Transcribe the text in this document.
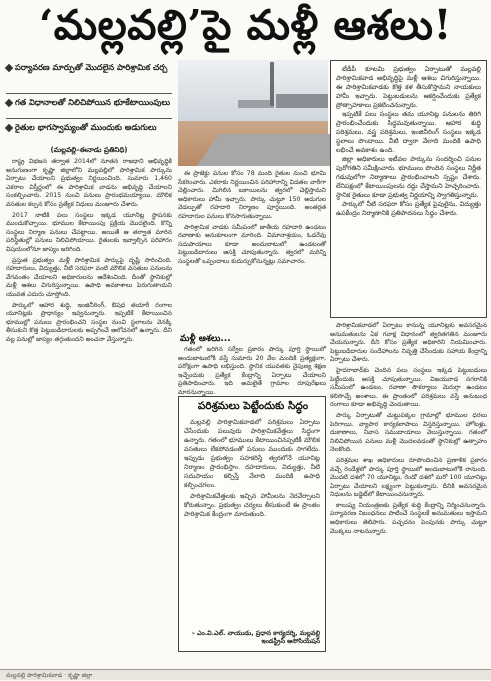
‘మల్లవల్లి’పై మళ్లీ ఆశలు!
పర్యావరణ మార్పుతో మొదలైన పారిశ్రామిక చర్చ
గత విధానాలతో నిలిచిపోయిన భూకేటాయింపులు
రైతుల భాగస్వామ్యంతో ముందుకు అడుగులు
(మల్లవల్లి–ఈనాడు ప్రతినిధి)

రాష్ట్ర విభజన తర్వాత 2014లో నూతన రాజధాని అభివృద్ధికి అనుగుణంగా కృష్ణా జిల్లాలోని మల్లవల్లిలో పారిశ్రామిక పార్కును ఏర్పాటు చేయాలని ప్రభుత్వం నిర్ణయించింది. సుమారు 1,460 ఎకరాల విస్తీర్ణంలో ఈ పారిశ్రామిక వాడను అభివృద్ధి చేయాలని సంకల్పించారు. 2015 నుంచి పనులు ప్రారంభమయ్యాయి. మౌలిక వసతుల కల్పన కోసం ప్రత్యేక నిధులు మంజూరు చేశారు.

2017 నాటికి పలు సంస్థలు ఇక్కడ యూనిట్ల స్థాపనకు ముందుకొచ్చాయి. భూముల కేటాయింపు ప్రక్రియ మొదలైంది. కొన్ని సంస్థలు నిర్మాణ పనులు చేపట్టాయి. అయితే ఆ తర్వాత మారిన పరిస్థితుల్లో పనులు నిలిచిపోయాయి. రైతులకు ఇవ్వాల్సిన పరిహారం విషయంలోనూ జాప్యం జరిగింది.

ప్రస్తుత ప్రభుత్వం మళ్లీ పారిశ్రామిక పార్కుపై దృష్టి సారించింది. రహదారులు, విద్యుత్తు, నీటి సరఫరా వంటి మౌలిక వసతుల పనులను వేగవంతం చేయాలని అధికారులను ఆదేశించింది. దీంతో స్థానికుల్లో మళ్లీ ఆశలు చిగురిస్తున్నాయి. ఉపాధి అవకాశాలు పెరుగుతాయని యువత ఎదురు చూస్తోంది.

పార్కులో ఆహార శుద్ధి, ఇంజినీరింగ్, ఔషధ తయారీ రంగాల యూనిట్లకు ప్రాధాన్యం ఇవ్వనున్నారు. ఇప్పటికే కేటాయించిన భూముల్లో పనులు ప్రారంభించని సంస్థల నుంచి స్థలాలను వెనక్కి తీసుకుని కొత్త పెట్టుబడిదారులకు అప్పగించే ఆలోచనలో ఉన్నారు. దీని వల్ల పనుల్లో జాప్యం తగ్గుతుందని అంచనా వేస్తున్నారు.

ఈ ప్రాజెక్టు పనుల కోసం 78 మంది రైతుల నుంచి భూమి సేకరించారు. ఎకరాకు నిర్ణయించిన పరిహారాన్ని విడతల వారీగా చెల్లించారు. మిగిలిన బకాయిలను త్వరలో చెల్లిస్తామని అధికారులు హామీ ఇచ్చారు. పార్కు చుట్టూ 150 అడుగుల వెడల్పుతో రహదారి నిర్మాణం పూర్తయింది. అంతర్గత రహదారుల పనులు కొనసాగుతున్నాయి.

పారిశ్రామిక వాడకు సమీపంలో జాతీయ రహదారి ఉండటం రవాణాకు అనుకూలంగా మారింది. విమానాశ్రయం, ఓడరేవు సదుపాయాలు కూడా అందుబాటులో ఉండటంతో పెట్టుబడిదారులు ఆసక్తి చూపుతున్నారు. త్వరలో మరిన్ని సంస్థలతో ఒప్పందాలు కుదుర్చుకోనున్నట్లు సమాచారం.

మళ్లీ ఆశలు...

గతంలో జరిగిన సర్వేల ప్రకారం పార్కు పూర్తి స్థాయిలో అందుబాటులోకి వస్తే సుమారు 20 వేల మందికి ప్రత్యక్షంగా, పరోక్షంగా ఉపాధి లభిస్తుంది. స్థానిక యువతకు నైపుణ్య శిక్షణ ఇచ్చేందుకు ప్రత్యేక కేంద్రాన్ని ఏర్పాటు చేయాలని ప్రతిపాదించారు. ఇది అమలైతే గ్రామాల రూపురేఖలు మారనున్నాయి.

టీడీపీ కూటమి ప్రభుత్వం ఏర్పాటుతో మల్లవల్లి పారిశ్రామికవాడ అభివృద్ధిపై మళ్లీ ఆశలు చిగురిస్తున్నాయి. ఈ పారిశ్రామికవాడకు కొత్త కళ తీసుకొస్తామని నాయకులు హామీ ఇచ్చారు. పెట్టుబడులను ఆకర్షించేందుకు ప్రత్యేక ప్రోత్సాహకాలు ప్రకటించనున్నారు.

ఇప్పటికే పలు సంస్థలు తమ యూనిట్ల పనులను తిరిగి ప్రారంభించేందుకు సిద్ధమవుతున్నాయి. ఆహార శుద్ధి పరిశ్రమలు, వస్త్ర పరిశ్రమలు, ఇంజినీరింగ్ సంస్థలు ఇక్కడ స్థలాలు పొందాయి. వీటి ద్వారా వేలాది మందికి ఉపాధి లభించే అవకాశం ఉంది.

జిల్లా అధికారులు ఇటీవల పార్కును సందర్శించి పనుల పురోగతిని సమీక్షించారు. భూములు పొందిన సంస్థలు నిర్ణీత గడువులోగా నిర్మాణాలు ప్రారంభించాలని స్పష్టం చేశారు. లేనిపక్షంలో కేటాయింపులను రద్దు చేస్తామని హెచ్చరించారు. స్థానిక రైతులు కూడా ప్రభుత్వ నిర్ణయాన్ని స్వాగతిస్తున్నారు.

పార్కులో నీటి సరఫరా కోసం ప్రత్యేక పైపులైను, విద్యుత్తు ఉపకేంద్రం నిర్మాణానికి ప్రతిపాదనలు సిద్ధం చేశారు.

పారిశ్రామికవాడలో ఏర్పాటు కానున్న యూనిట్లకు అవసరమైన అనుమతులను ఏక గవాక్ష విధానంలో త్వరితగతిన మంజూరు చేయనున్నారు. దీని కోసం ప్రత్యేక అధికారిని నియమించారు. పెట్టుబడిదారుల సందేహాలను నివృత్తి చేసేందుకు సహాయ కేంద్రాన్ని ఏర్పాటు చేశారు.

హైదరాబాద్‌కు చెందిన పలు సంస్థలు ఇక్కడ పెట్టుబడులు పెట్టేందుకు ఆసక్తి చూపుతున్నాయి. విజయవాడ నగరానికి సమీపంలో ఉండటం, రవాణా సౌకర్యాలు మెరుగ్గా ఉండటం కలిసొచ్చే అంశాలు. ఈ ప్రాంతంలో పరిశ్రమలు వస్తే అనుబంధ రంగాలు కూడా అభివృద్ధి చెందుతాయి.

పార్కు ఏర్పాటుతో చుట్టుపక్కల గ్రామాల్లో భూముల ధరలు పెరిగాయి. వ్యాపార కార్యకలాపాలు విస్తరిస్తున్నాయి. హోటళ్లు, దుకాణాలు, నివాస సముదాయాలు వెలుస్తున్నాయి. గతంలో నిలిచిపోయిన పనులు మళ్లీ మొదలవడంతో స్థానికుల్లో ఉత్సాహం నెలకొంది.

పరిశ్రమల శాఖ అధికారులు రూపొందించిన ప్రణాళిక ప్రకారం వచ్చే రెండేళ్లలో పార్కు పూర్తి స్థాయిలో అందుబాటులోకి రానుంది. మొదటి దశలో 70 యూనిట్లు, రెండో దశలో మరో 100 యూనిట్లు ఏర్పాటు చేయాలని లక్ష్యంగా పెట్టుకున్నారు. దీనికి అవసరమైన నిధులను బడ్జెట్‌లో కేటాయించనున్నారు.

కాలుష్య నియంత్రణకు ప్రత్యేక శుద్ధి కేంద్రాన్ని నిర్మించనున్నారు. పర్యావరణ నిబంధనలు పాటించే సంస్థలకే అనుమతులు ఇస్తామని అధికారులు తెలిపారు. పచ్చదనం పెంపునకు పార్కు చుట్టూ మొక్కలు నాటనున్నారు.

పరిశ్రమలు పెట్టేందుకు సిద్ధం

మల్లవల్లి పారిశ్రామికవాడలో పరిశ్రమలు ఏర్పాటు చేసేందుకు పలువురు పారిశ్రామికవేత్తలు సిద్ధంగా ఉన్నారు. గతంలో భూములు కేటాయించినప్పటికీ మౌలిక వసతులు లేకపోవడంతో పనులు ముందుకు సాగలేదు. ఇప్పుడు ప్రభుత్వం సహకరిస్తే త్వరలోనే యూనిట్ల నిర్మాణం ప్రారంభిస్తాం. రహదారులు, విద్యుత్తు, నీటి సదుపాయం కల్పిస్తే వేలాది మందికి ఉపాధి కల్పించగలం.

పారిశ్రామికవేత్తలకు ఇచ్చిన హామీలను నెరవేర్చాలని కోరుతున్నాం. ప్రభుత్వం చర్యలు తీసుకుంటే ఈ ప్రాంతం పారిశ్రామిక కేంద్రంగా మారుతుంది.

– ఎం.వి.ఎల్. నాయుడు, ప్రధాన కార్యదర్శి, మల్లవల్లి ఇండస్ట్రీస్ అసోసియేషన్
మల్లవల్లి పారిశ్రామికవాడ · కృష్ణా జిల్లా
